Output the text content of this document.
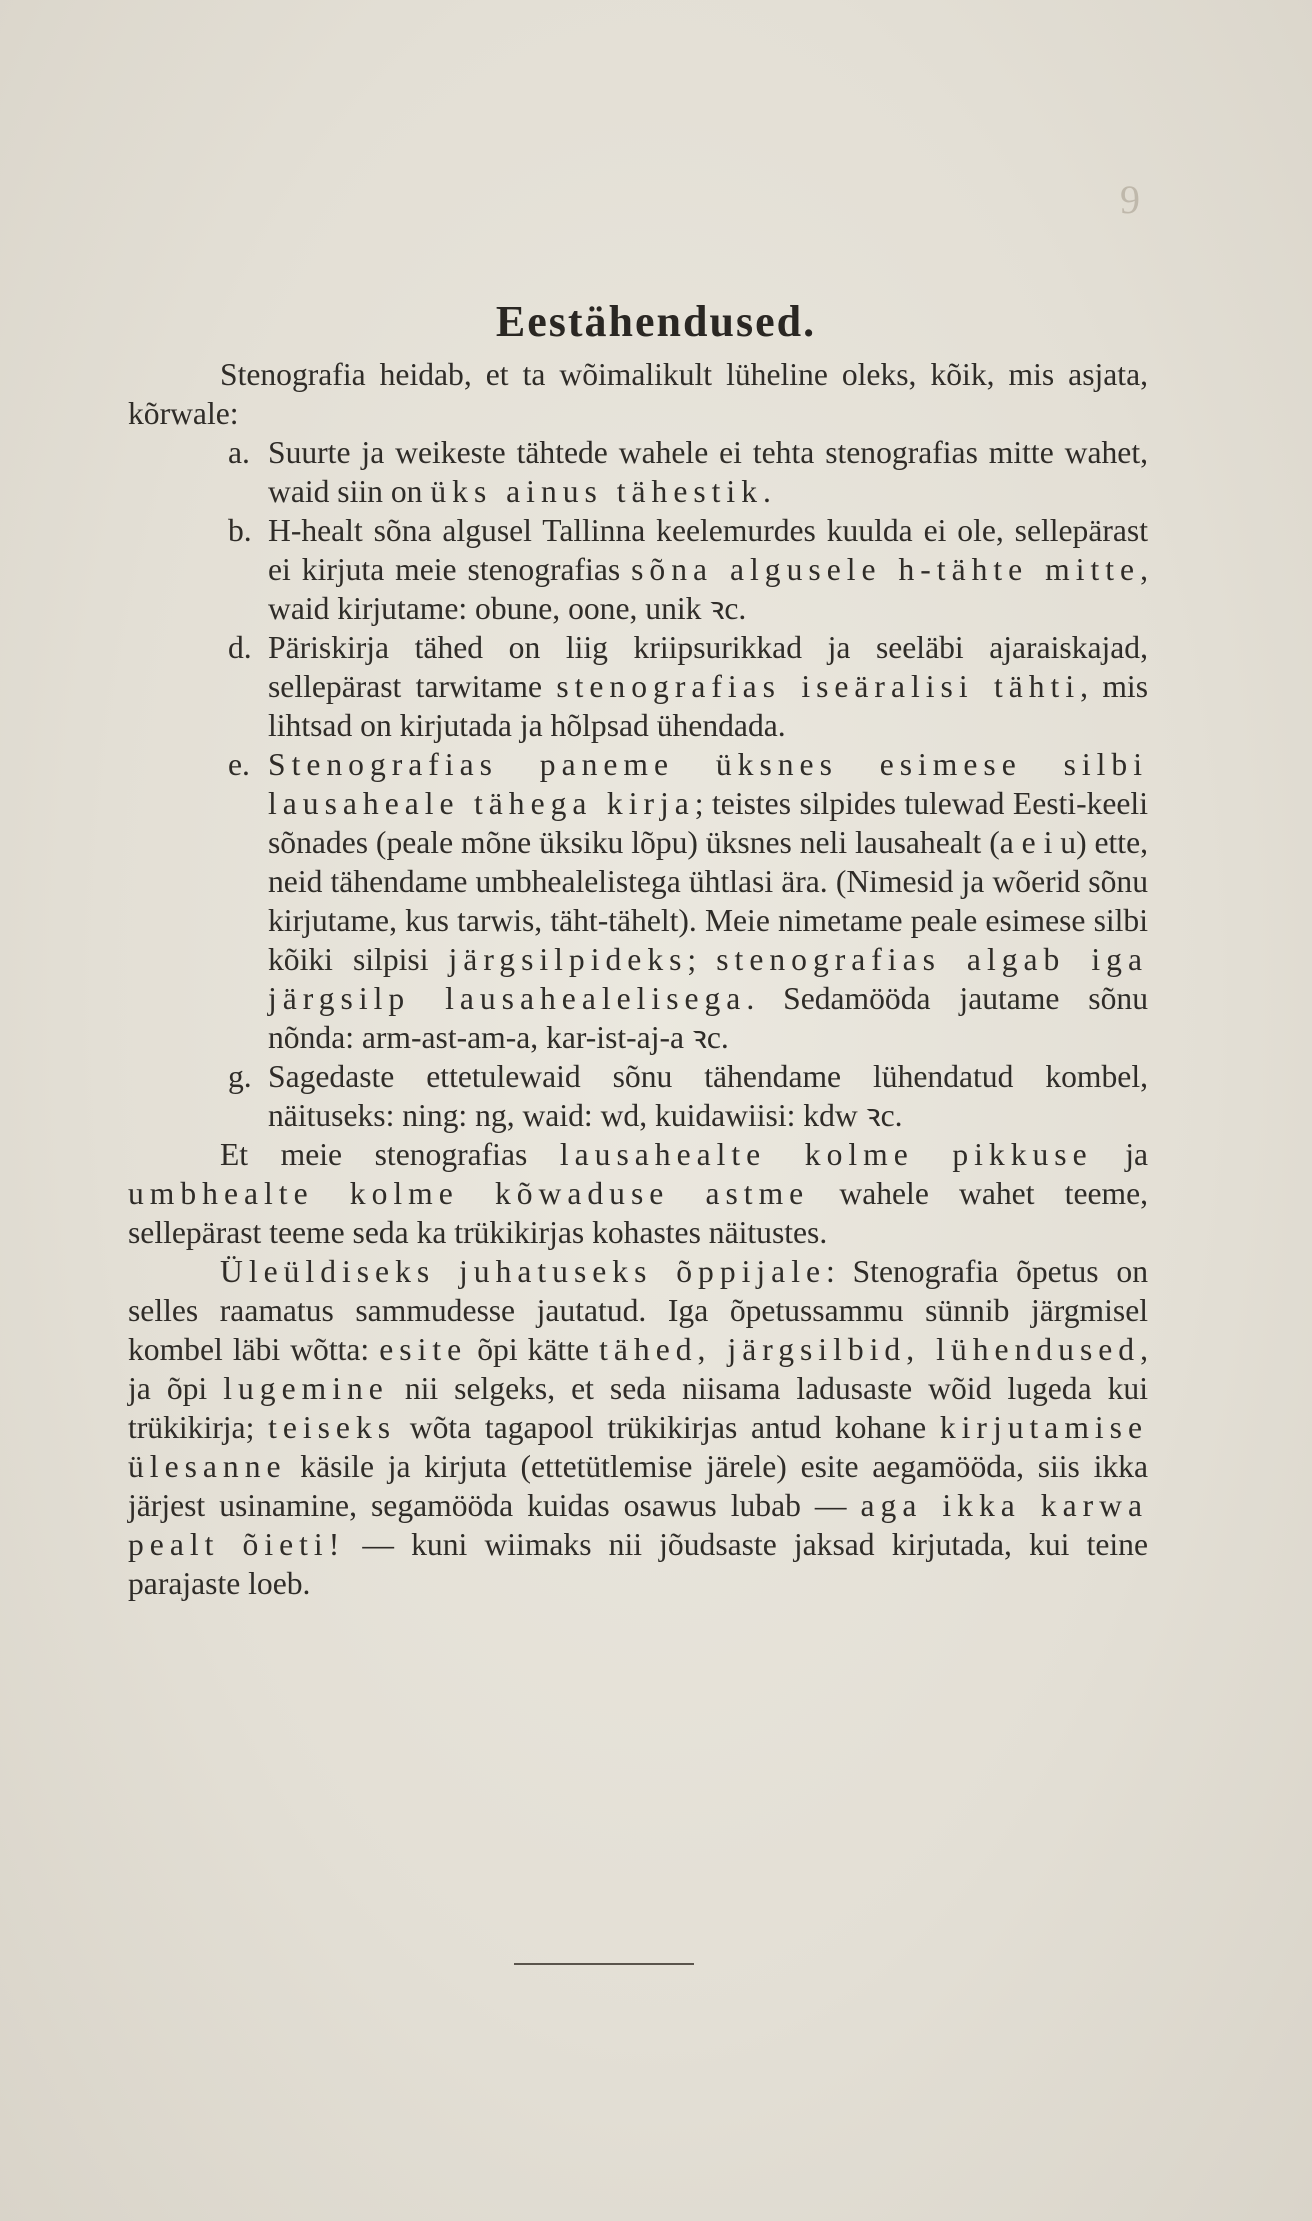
9
Eestähendused.

Stenografia heidab, et ta wõimalikult lüheline oleks, kõik, mis asjata, kõrwale:

a. Suurte ja weikeste tähtede wahele ei tehta stenografias mitte wahet, waid siin on üks ainus tähestik.

b. H-healt sõna algusel Tallinna keelemurdes kuulda ei ole, sellepärast ei kirjuta meie stenografias sõna algusele h-tähte mitte, waid kirjutame: obune, oone, unik ꝛc.

d. Päriskirja tähed on liig kriipsurikkad ja seeläbi ajaraiskajad, sellepärast tarwitame stenografias iseäralisi tähti, mis lihtsad on kirjutada ja hõlpsad ühendada.

e. Stenografias paneme üksnes esimese silbi lausaheale tähega kirja; teistes silpides tulewad Eesti-keeli sõnades (peale mõne üksiku lõpu) üksnes neli lausahealt (a e i u) ette, neid tähendame umbhealelistega ühtlasi ära. (Nimesid ja wõerid sõnu kirjutame, kus tarwis, täht-tähelt). Meie nimetame peale esimese silbi kõiki silpisi järgsilpideks; stenografias algab iga järgsilp lausahealelisega. Sedamööda jautame sõnu nõnda: arm-ast-am-a, kar-ist-aj-a ꝛc.

g. Sagedaste ettetulewaid sõnu tähendame lühendatud kombel, näituseks: ning: ng, waid: wd, kuidawiisi: kdw ꝛc.

Et meie stenografias lausahealte kolme pikkuse ja umbhealte kolme kõwaduse astme wahele wahet teeme, sellepärast teeme seda ka trükikirjas kohastes näitustes.

Üleüldiseks juhatuseks õppijale: Stenografia õpetus on selles raamatus sammudesse jautatud. Iga õpetussammu sünnib järgmisel kombel läbi wõtta: esite õpi kätte tähed, järgsilbid, lühendused, ja õpi lugemine nii selgeks, et seda niisama ladusaste wõid lugeda kui trükikirja; teiseks wõta tagapool trükikirjas antud kohane kirjutamise ülesanne käsile ja kirjuta (ettetütlemise järele) esite aegamööda, siis ikka järjest usinamine, segamööda kuidas osawus lubab — aga ikka karwa pealt õieti! — kuni wiimaks nii jõudsaste jaksad kirjutada, kui teine parajaste loeb.
